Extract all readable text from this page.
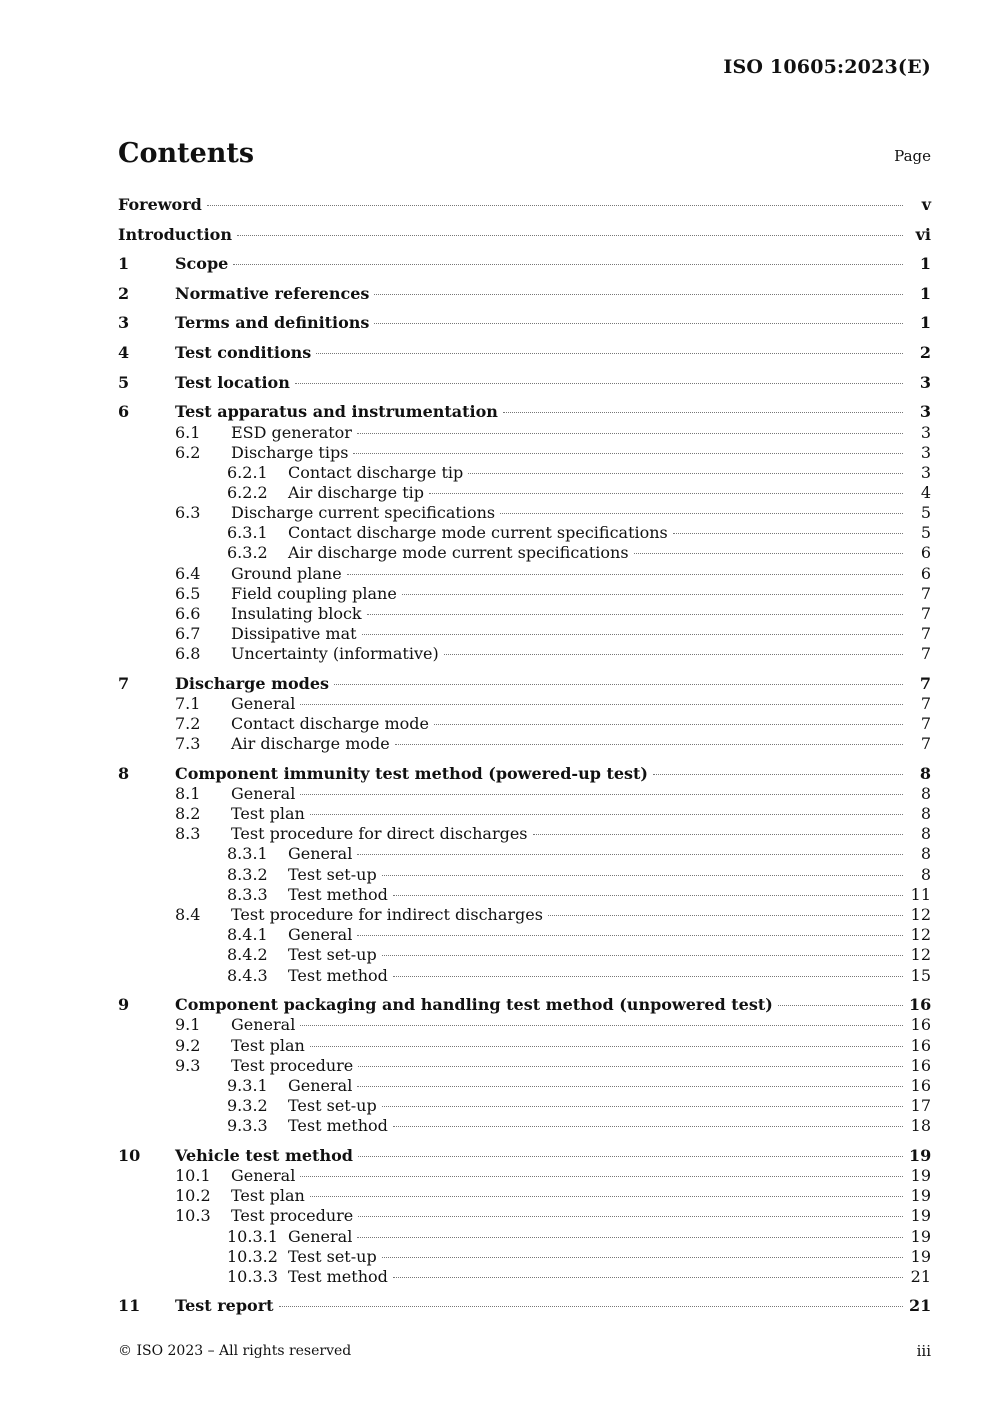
ISO 10605:2023(E)
Contents	Page
Foreword	v
Introduction	vi
1	Scope	1
2	Normative references	1
3	Terms and definitions	1
4	Test conditions	2
5	Test location	3
6	Test apparatus and instrumentation	3
6.1	ESD generator	3
6.2	Discharge tips	3
6.2.1	Contact discharge tip	3
6.2.2	Air discharge tip	4
6.3	Discharge current specifications	5
6.3.1	Contact discharge mode current specifications	5
6.3.2	Air discharge mode current specifications	6
6.4	Ground plane	6
6.5	Field coupling plane	7
6.6	Insulating block	7
6.7	Dissipative mat	7
6.8	Uncertainty (informative)	7
7	Discharge modes	7
7.1	General	7
7.2	Contact discharge mode	7
7.3	Air discharge mode	7
8	Component immunity test method (powered-up test)	8
8.1	General	8
8.2	Test plan	8
8.3	Test procedure for direct discharges	8
8.3.1	General	8
8.3.2	Test set-up	8
8.3.3	Test method	11
8.4	Test procedure for indirect discharges	12
8.4.1	General	12
8.4.2	Test set-up	12
8.4.3	Test method	15
9	Component packaging and handling test method (unpowered test)	16
9.1	General	16
9.2	Test plan	16
9.3	Test procedure	16
9.3.1	General	16
9.3.2	Test set-up	17
9.3.3	Test method	18
10	Vehicle test method	19
10.1	General	19
10.2	Test plan	19
10.3	Test procedure	19
10.3.1 General	19
10.3.2 Test set-up	19
10.3.3 Test method	21
11	Test report	21
© ISO 2023 – All rights reserved	iii
